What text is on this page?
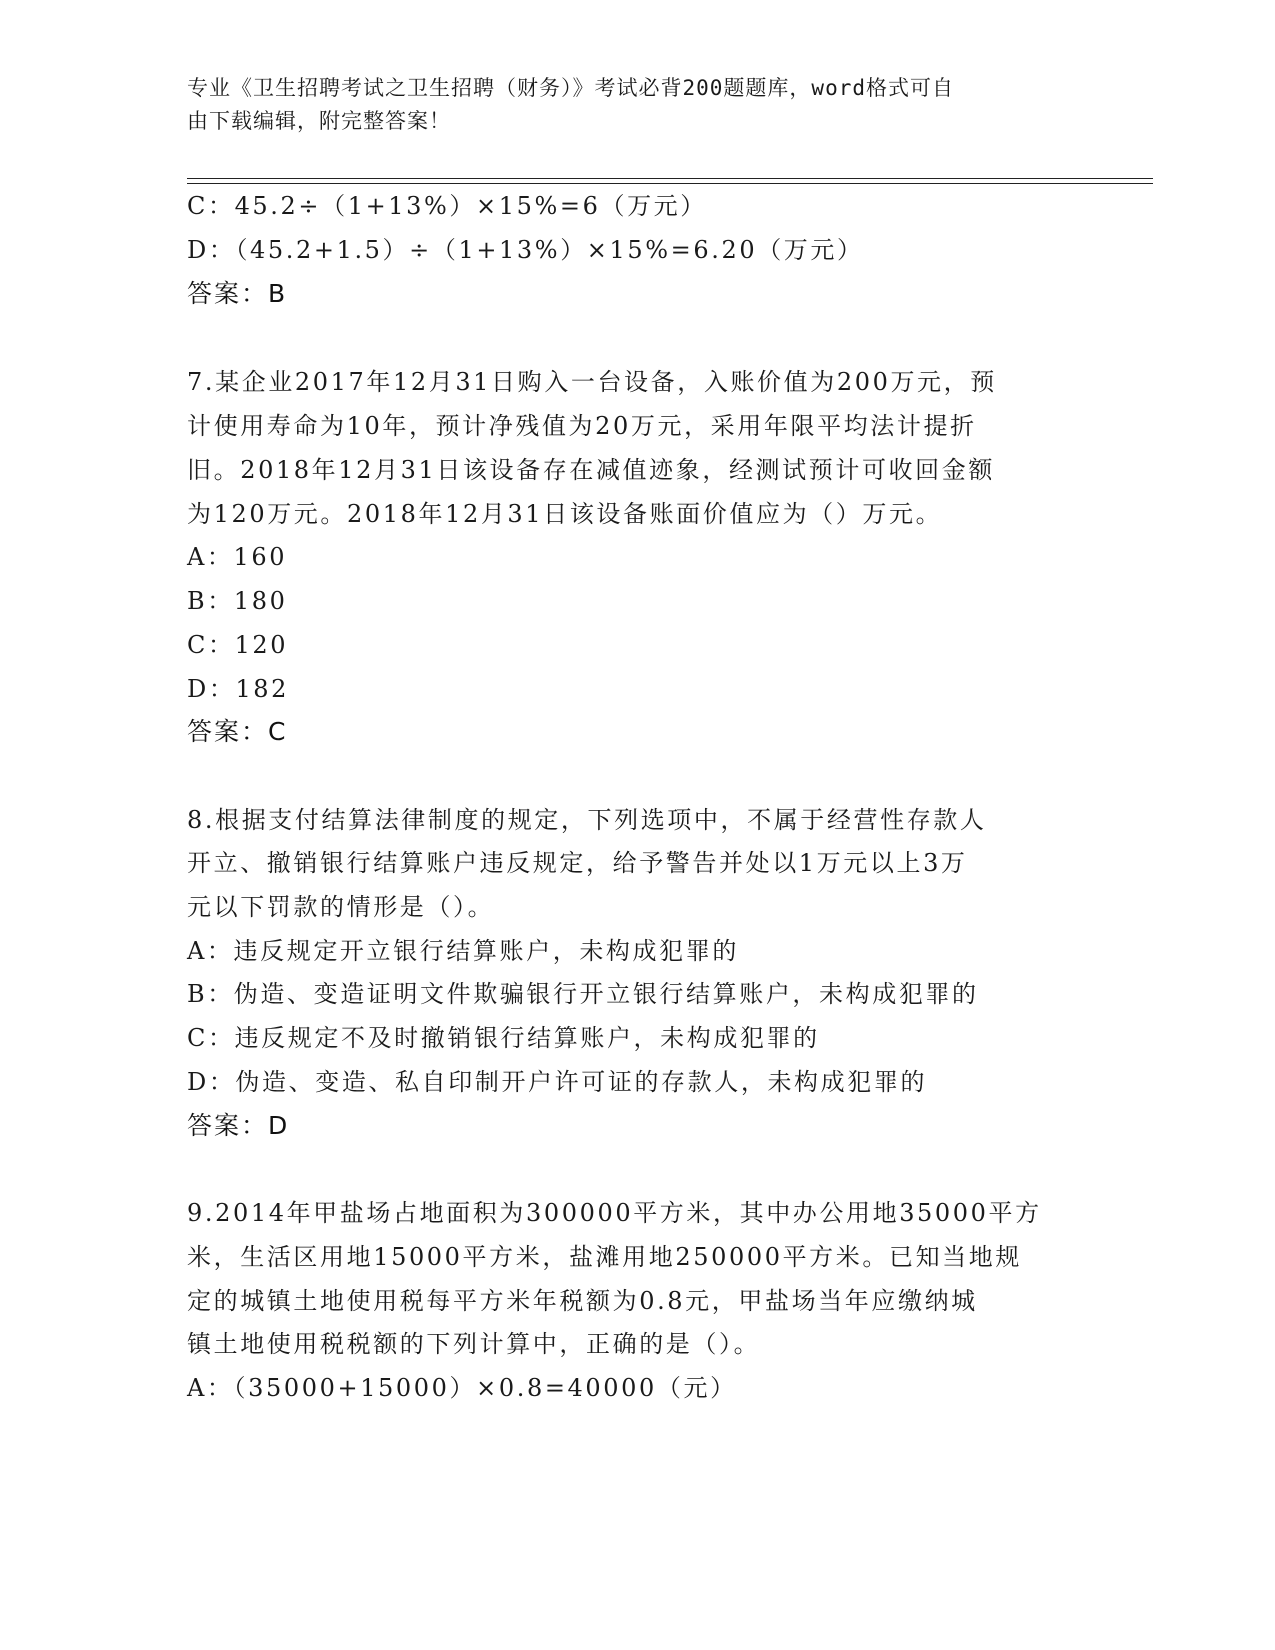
专业《卫生招聘考试之卫生招聘（财务）》考试必背200题题库，word格式可自
由下载编辑，附完整答案！
C：45.2÷（1+13%）×15%=6（万元）
D：（45.2+1.5）÷（1+13%）×15%=6.20（万元）
答案：B
7.某企业2017年12月31日购入一台设备，入账价值为200万元，预
计使用寿命为10年，预计净残值为20万元，采用年限平均法计提折
旧。2018年12月31日该设备存在减值迹象，经测试预计可收回金额
为120万元。2018年12月31日该设备账面价值应为（）万元。
A：160
B：180
C：120
D：182
答案：C
8.根据支付结算法律制度的规定，下列选项中，不属于经营性存款人
开立、撤销银行结算账户违反规定，给予警告并处以1万元以上3万
元以下罚款的情形是（）。
A：违反规定开立银行结算账户，未构成犯罪的
B：伪造、变造证明文件欺骗银行开立银行结算账户，未构成犯罪的
C：违反规定不及时撤销银行结算账户，未构成犯罪的
D：伪造、变造、私自印制开户许可证的存款人，未构成犯罪的
答案：D
9.2014年甲盐场占地面积为300000平方米，其中办公用地35000平方
米，生活区用地15000平方米，盐滩用地250000平方米。已知当地规
定的城镇土地使用税每平方米年税额为0.8元，甲盐场当年应缴纳城
镇土地使用税税额的下列计算中，正确的是（）。
A：（35000+15000）×0.8=40000（元）
